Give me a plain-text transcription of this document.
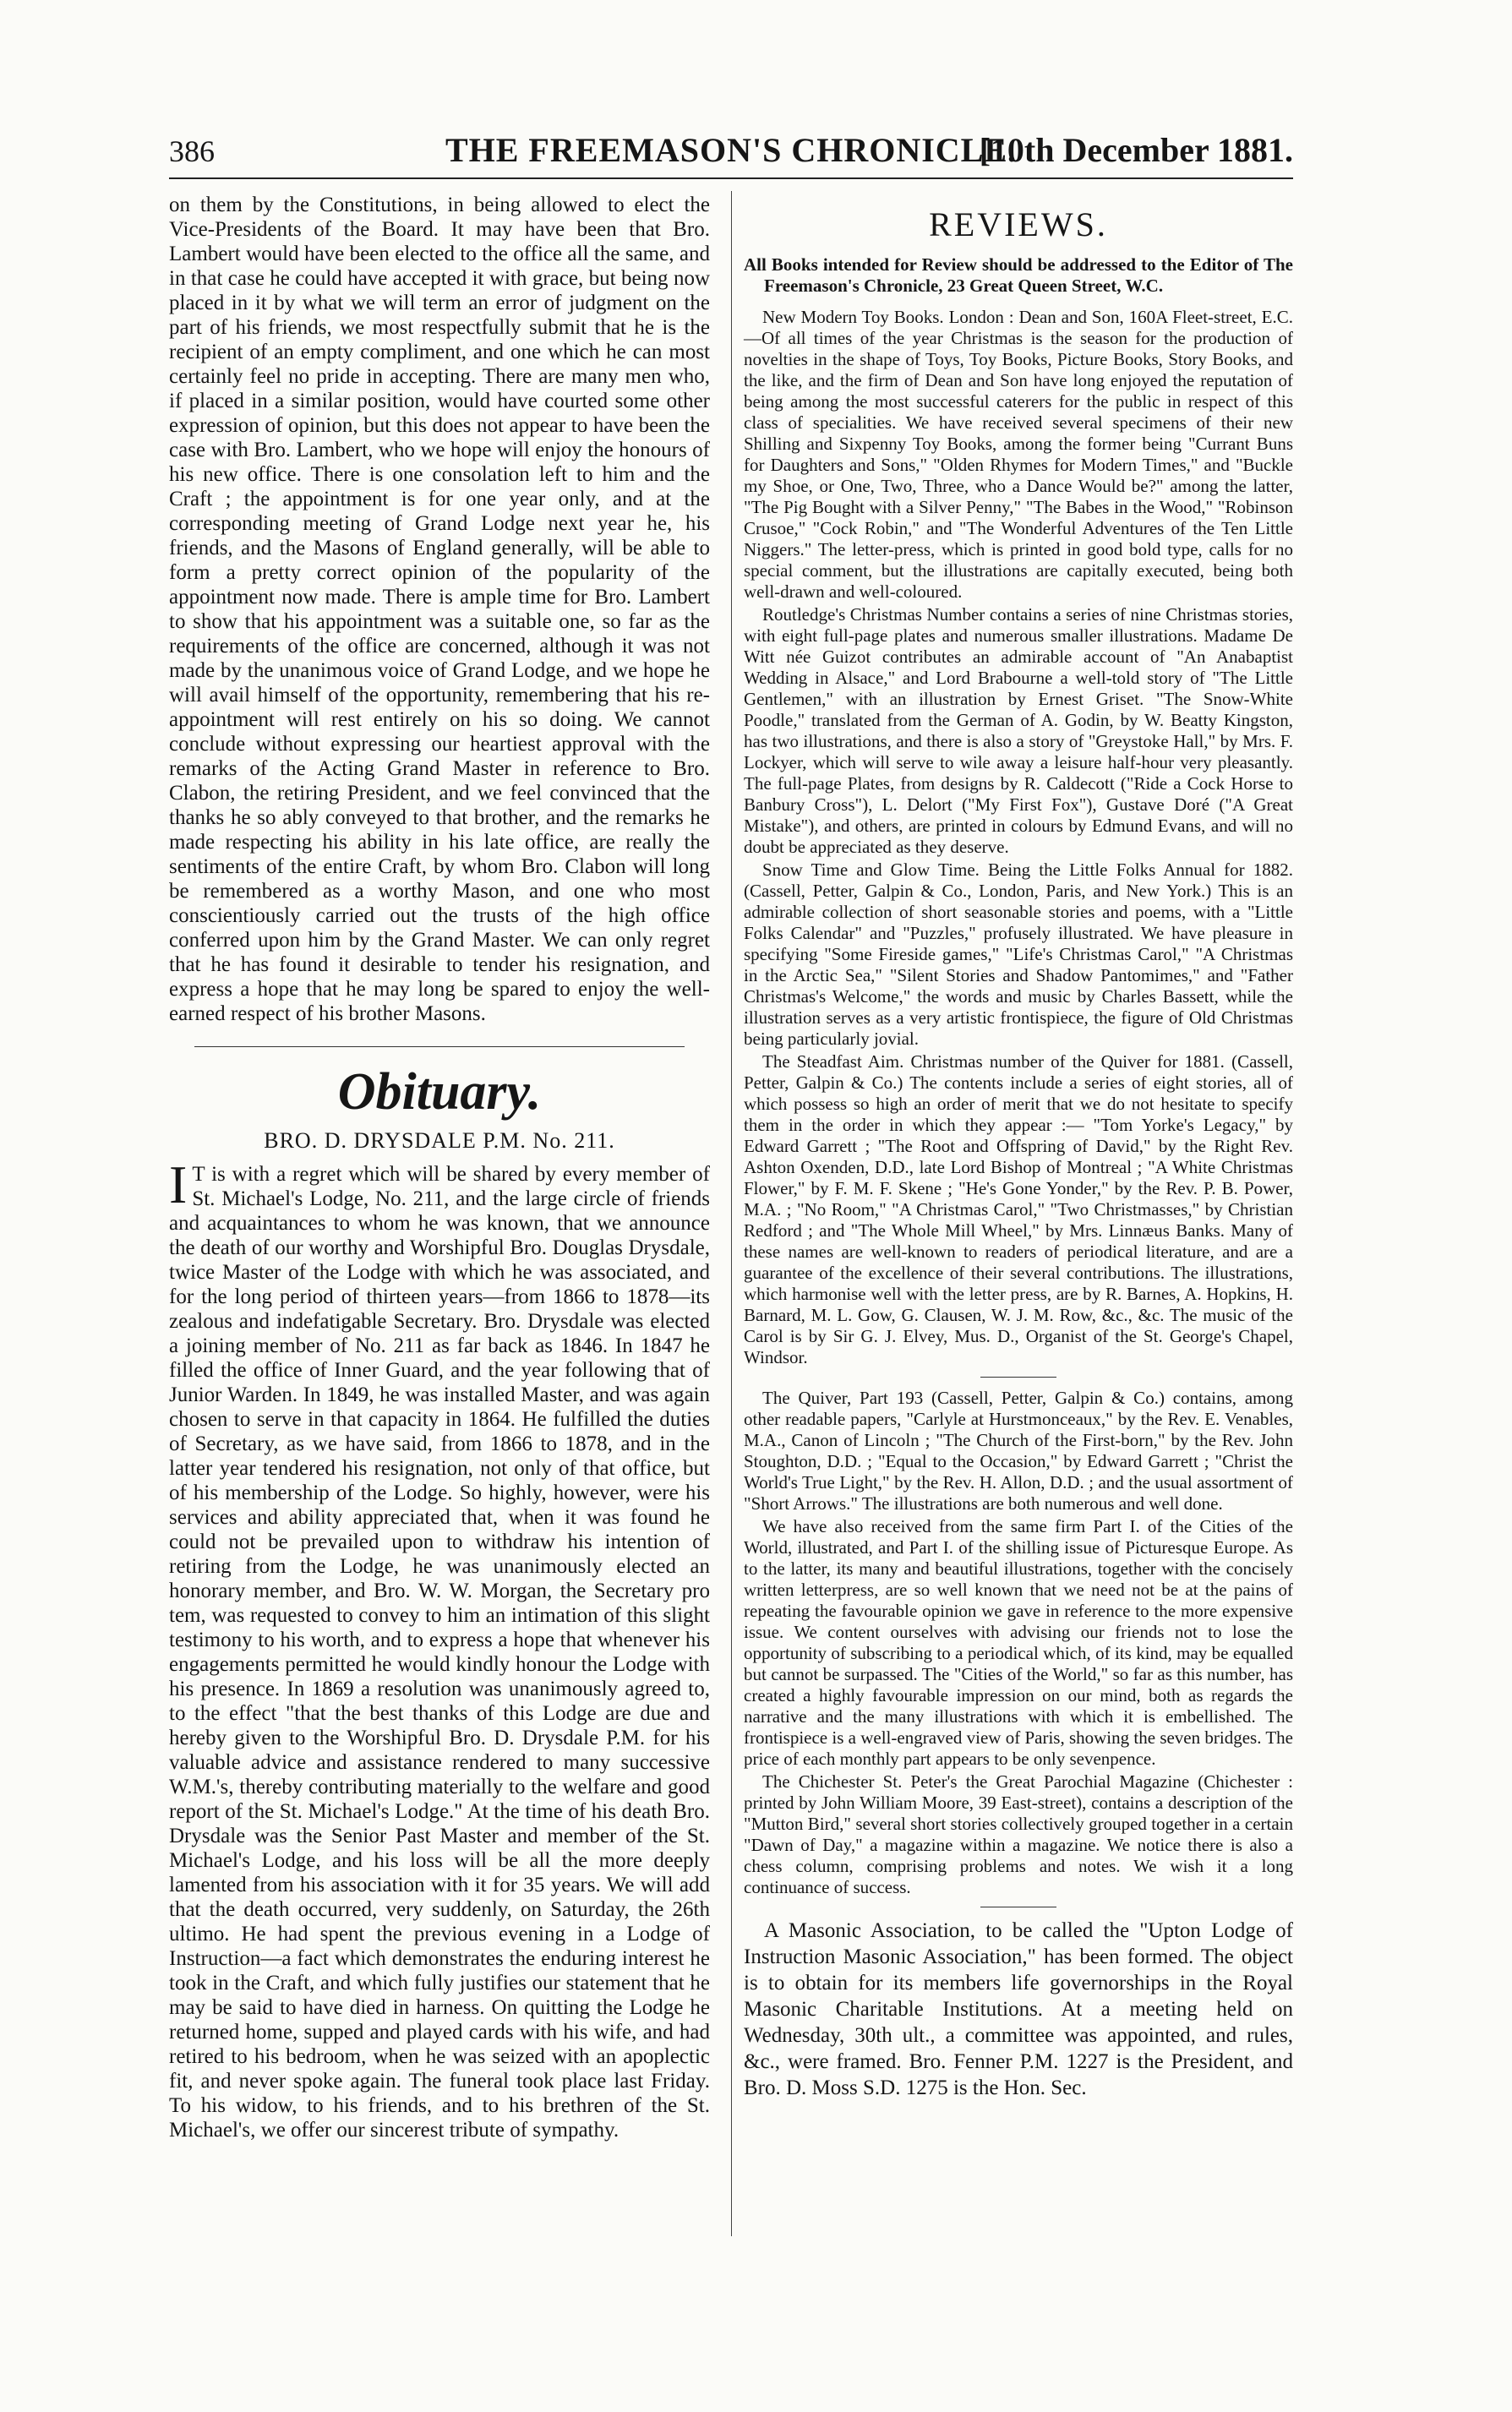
386	THE FREEMASON'S CHRONICLE.
[10th December 1881.

on them by the Constitutions, in being allowed to elect the Vice-Presidents of the Board. It may have been that Bro. Lambert would have been elected to the office all the same, and in that case he could have accepted it with grace, but being now placed in it by what we will term an error of judgment on the part of his friends, we most respectfully submit that he is the recipient of an empty compliment, and one which he can most certainly feel no pride in accepting. There are many men who, if placed in a similar position, would have courted some other expression of opinion, but this does not appear to have been the case with Bro. Lambert, who we hope will enjoy the honours of his new office. There is one consolation left to him and the Craft ; the appointment is for one year only, and at the corresponding meeting of Grand Lodge next year he, his friends, and the Masons of England generally, will be able to form a pretty correct opinion of the popularity of the appointment now made. There is ample time for Bro. Lambert to show that his appointment was a suitable one, so far as the requirements of the office are concerned, although it was not made by the unanimous voice of Grand Lodge, and we hope he will avail himself of the opportunity, remembering that his re-appointment will rest entirely on his so doing. We cannot conclude without expressing our heartiest approval with the remarks of the Acting Grand Master in reference to Bro. Clabon, the retiring President, and we feel convinced that the thanks he so ably conveyed to that brother, and the remarks he made respecting his ability in his late office, are really the sentiments of the entire Craft, by whom Bro. Clabon will long be remembered as a worthy Mason, and one who most conscientiously carried out the trusts of the high office conferred upon him by the Grand Master. We can only regret that he has found it desirable to tender his resignation, and express a hope that he may long be spared to enjoy the well-earned respect of his brother Masons.

Obituary.
BRO. D. DRYSDALE P.M. No. 211.

IT is with a regret which will be shared by every member of St. Michael's Lodge, No. 211, and the large circle of friends and acquaintances to whom he was known, that we announce the death of our worthy and Worshipful Bro. Douglas Drysdale, twice Master of the Lodge with which he was associated, and for the long period of thirteen years—from 1866 to 1878—its zealous and indefatigable Secretary. Bro. Drysdale was elected a joining member of No. 211 as far back as 1846. In 1847 he filled the office of Inner Guard, and the year following that of Junior Warden. In 1849, he was installed Master, and was again chosen to serve in that capacity in 1864. He fulfilled the duties of Secretary, as we have said, from 1866 to 1878, and in the latter year tendered his resignation, not only of that office, but of his membership of the Lodge. So highly, however, were his services and ability appreciated that, when it was found he could not be prevailed upon to withdraw his intention of retiring from the Lodge, he was unanimously elected an honorary member, and Bro. W. W. Morgan, the Secretary pro tem, was requested to convey to him an intimation of this slight testimony to his worth, and to express a hope that whenever his engagements permitted he would kindly honour the Lodge with his presence. In 1869 a resolution was unanimously agreed to, to the effect "that the best thanks of this Lodge are due and hereby given to the Worshipful Bro. D. Drysdale P.M. for his valuable advice and assistance rendered to many successive W.M.'s, thereby contributing materially to the welfare and good report of the St. Michael's Lodge." At the time of his death Bro. Drysdale was the Senior Past Master and member of the St. Michael's Lodge, and his loss will be all the more deeply lamented from his association with it for 35 years. We will add that the death occurred, very suddenly, on Saturday, the 26th ultimo. He had spent the previous evening in a Lodge of Instruction—a fact which demonstrates the enduring interest he took in the Craft, and which fully justifies our statement that he may be said to have died in harness. On quitting the Lodge he returned home, supped and played cards with his wife, and had retired to his bedroom, when he was seized with an apoplectic fit, and never spoke again. The funeral took place last Friday. To his widow, to his friends, and to his brethren of the St. Michael's, we offer our sincerest tribute of sympathy.

REVIEWS.

All Books intended for Review should be addressed to the Editor of The Freemason's Chronicle, 23 Great Queen Street, W.C.

New Modern Toy Books. London : Dean and Son, 160A Fleet-street, E.C.—Of all times of the year Christmas is the season for the production of novelties in the shape of Toys, Toy Books, Picture Books, Story Books, and the like, and the firm of Dean and Son have long enjoyed the reputation of being among the most successful caterers for the public in respect of this class of specialities. We have received several specimens of their new Shilling and Sixpenny Toy Books, among the former being "Currant Buns for Daughters and Sons," "Olden Rhymes for Modern Times," and "Buckle my Shoe, or One, Two, Three, who a Dance Would be?" among the latter, "The Pig Bought with a Silver Penny," "The Babes in the Wood," "Robinson Crusoe," "Cock Robin," and "The Wonderful Adventures of the Ten Little Niggers." The letter-press, which is printed in good bold type, calls for no special comment, but the illustrations are capitally executed, being both well-drawn and well-coloured.

Routledge's Christmas Number contains a series of nine Christmas stories, with eight full-page plates and numerous smaller illustrations. Madame De Witt née Guizot contributes an admirable account of "An Anabaptist Wedding in Alsace," and Lord Brabourne a well-told story of "The Little Gentlemen," with an illustration by Ernest Griset. "The Snow-White Poodle," translated from the German of A. Godin, by W. Beatty Kingston, has two illustrations, and there is also a story of "Greystoke Hall," by Mrs. F. Lockyer, which will serve to wile away a leisure half-hour very pleasantly. The full-page Plates, from designs by R. Caldecott ("Ride a Cock Horse to Banbury Cross"), L. Delort ("My First Fox"), Gustave Doré ("A Great Mistake"), and others, are printed in colours by Edmund Evans, and will no doubt be appreciated as they deserve.

Snow Time and Glow Time. Being the Little Folks Annual for 1882. (Cassell, Petter, Galpin & Co., London, Paris, and New York.) This is an admirable collection of short seasonable stories and poems, with a "Little Folks Calendar" and "Puzzles," profusely illustrated. We have pleasure in specifying "Some Fireside games," "Life's Christmas Carol," "A Christmas in the Arctic Sea," "Silent Stories and Shadow Pantomimes," and "Father Christmas's Welcome," the words and music by Charles Bassett, while the illustration serves as a very artistic frontispiece, the figure of Old Christmas being particularly jovial.

The Steadfast Aim. Christmas number of the Quiver for 1881. (Cassell, Petter, Galpin & Co.) The contents include a series of eight stories, all of which possess so high an order of merit that we do not hesitate to specify them in the order in which they appear :— "Tom Yorke's Legacy," by Edward Garrett ; "The Root and Offspring of David," by the Right Rev. Ashton Oxenden, D.D., late Lord Bishop of Montreal ; "A White Christmas Flower," by F. M. F. Skene ; "He's Gone Yonder," by the Rev. P. B. Power, M.A. ; "No Room," "A Christmas Carol," "Two Christmasses," by Christian Redford ; and "The Whole Mill Wheel," by Mrs. Linnæus Banks. Many of these names are well-known to readers of periodical literature, and are a guarantee of the excellence of their several contributions. The illustrations, which harmonise well with the letter press, are by R. Barnes, A. Hopkins, H. Barnard, M. L. Gow, G. Clausen, W. J. M. Row, &c., &c. The music of the Carol is by Sir G. J. Elvey, Mus. D., Organist of the St. George's Chapel, Windsor.

The Quiver, Part 193 (Cassell, Petter, Galpin & Co.) contains, among other readable papers, "Carlyle at Hurstmonceaux," by the Rev. E. Venables, M.A., Canon of Lincoln ; "The Church of the First-born," by the Rev. John Stoughton, D.D. ; "Equal to the Occasion," by Edward Garrett ; "Christ the World's True Light," by the Rev. H. Allon, D.D. ; and the usual assortment of "Short Arrows." The illustrations are both numerous and well done.

We have also received from the same firm Part I. of the Cities of the World, illustrated, and Part I. of the shilling issue of Picturesque Europe. As to the latter, its many and beautiful illustrations, together with the concisely written letterpress, are so well known that we need not be at the pains of repeating the favourable opinion we gave in reference to the more expensive issue. We content ourselves with advising our friends not to lose the opportunity of subscribing to a periodical which, of its kind, may be equalled but cannot be surpassed. The "Cities of the World," so far as this number, has created a highly favourable impression on our mind, both as regards the narrative and the many illustrations with which it is embellished. The frontispiece is a well-engraved view of Paris, showing the seven bridges. The price of each monthly part appears to be only sevenpence.

The Chichester St. Peter's the Great Parochial Magazine (Chichester : printed by John William Moore, 39 East-street), contains a description of the "Mutton Bird," several short stories collectively grouped together in a certain "Dawn of Day," a magazine within a magazine. We notice there is also a chess column, comprising problems and notes. We wish it a long continuance of success.

A Masonic Association, to be called the "Upton Lodge of Instruction Masonic Association," has been formed. The object is to obtain for its members life governorships in the Royal Masonic Charitable Institutions. At a meeting held on Wednesday, 30th ult., a committee was appointed, and rules, &c., were framed. Bro. Fenner P.M. 1227 is the President, and Bro. D. Moss S.D. 1275 is the Hon. Sec.
